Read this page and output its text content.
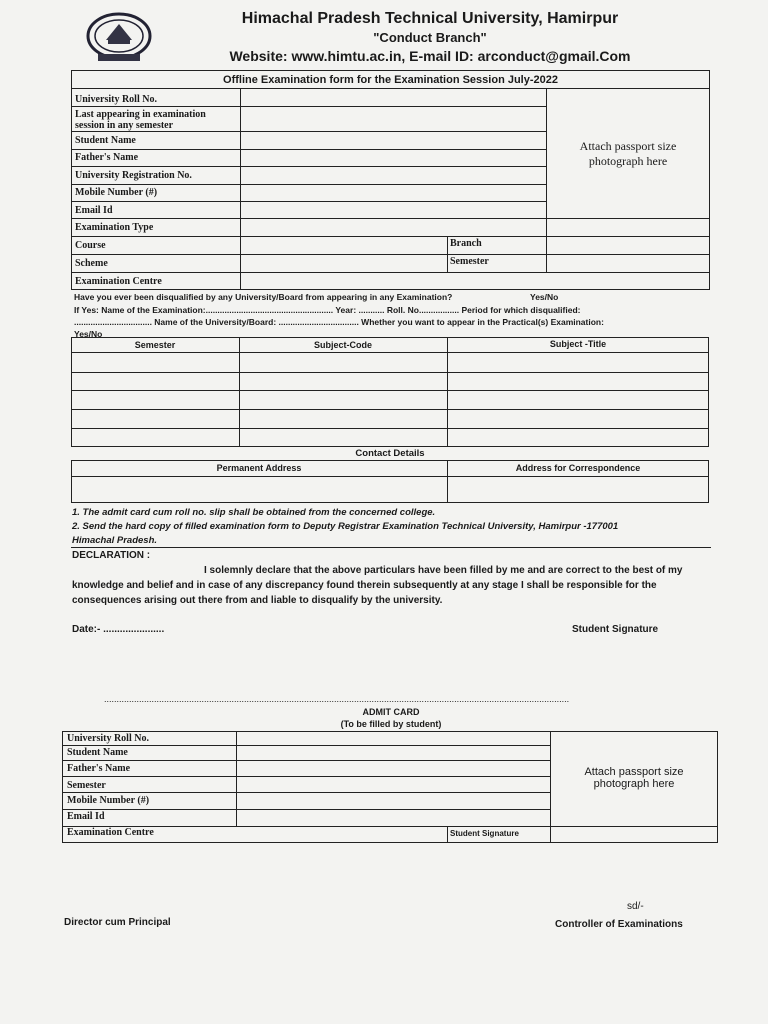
Himachal Pradesh Technical University, Hamirpur
"Conduct Branch"
Website: www.himtu.ac.in, E-mail ID: arconduct@gmail.Com
Offline Examination form for the Examination Session July-2022
University Roll No.
Last appearing in examination
session in any semester
Student Name
Father's Name
University Registration No.
Mobile Number (#)
Email Id
Examination Type
Course	Branch
Scheme	Semester
Examination Centre
Attach passport size
photograph here
Have you ever been disqualified by any University/Board from appearing in any Examination?	Yes/No
If Yes: Name of the Examination:...................................................... Year: ........... Roll. No................. Period for which disqualified:
................................. Name of the University/Board: .................................. Whether you want to appear in the Practical(s) Examination:
Yes/No
Semester	Subject-Code	Subject -Title
Contact Details
Permanent Address	Address for Correspondence
1. The admit card cum roll no. slip shall be obtained from the concerned college.
2. Send the hard copy of filled examination form to Deputy Registrar Examination Technical University, Hamirpur -177001
Himachal Pradesh.
DECLARATION :
I solemnly declare that the above particulars have been filled by me and are correct to the best of my
knowledge and belief and in case of any discrepancy found therein subsequently at any stage I shall be responsible for the
consequences arising out there from and liable to disqualify by the university.
Date:- ......................	Student Signature
..........................................................................................................................................................................................
ADMIT CARD
(To be filled by student)
University Roll No.
Student Name
Father's Name
Semester
Mobile Number (#)
Email Id
Examination Centre	Student Signature
Attach passport size
photograph here
Director cum Principal
sd/-
Controller of Examinations
